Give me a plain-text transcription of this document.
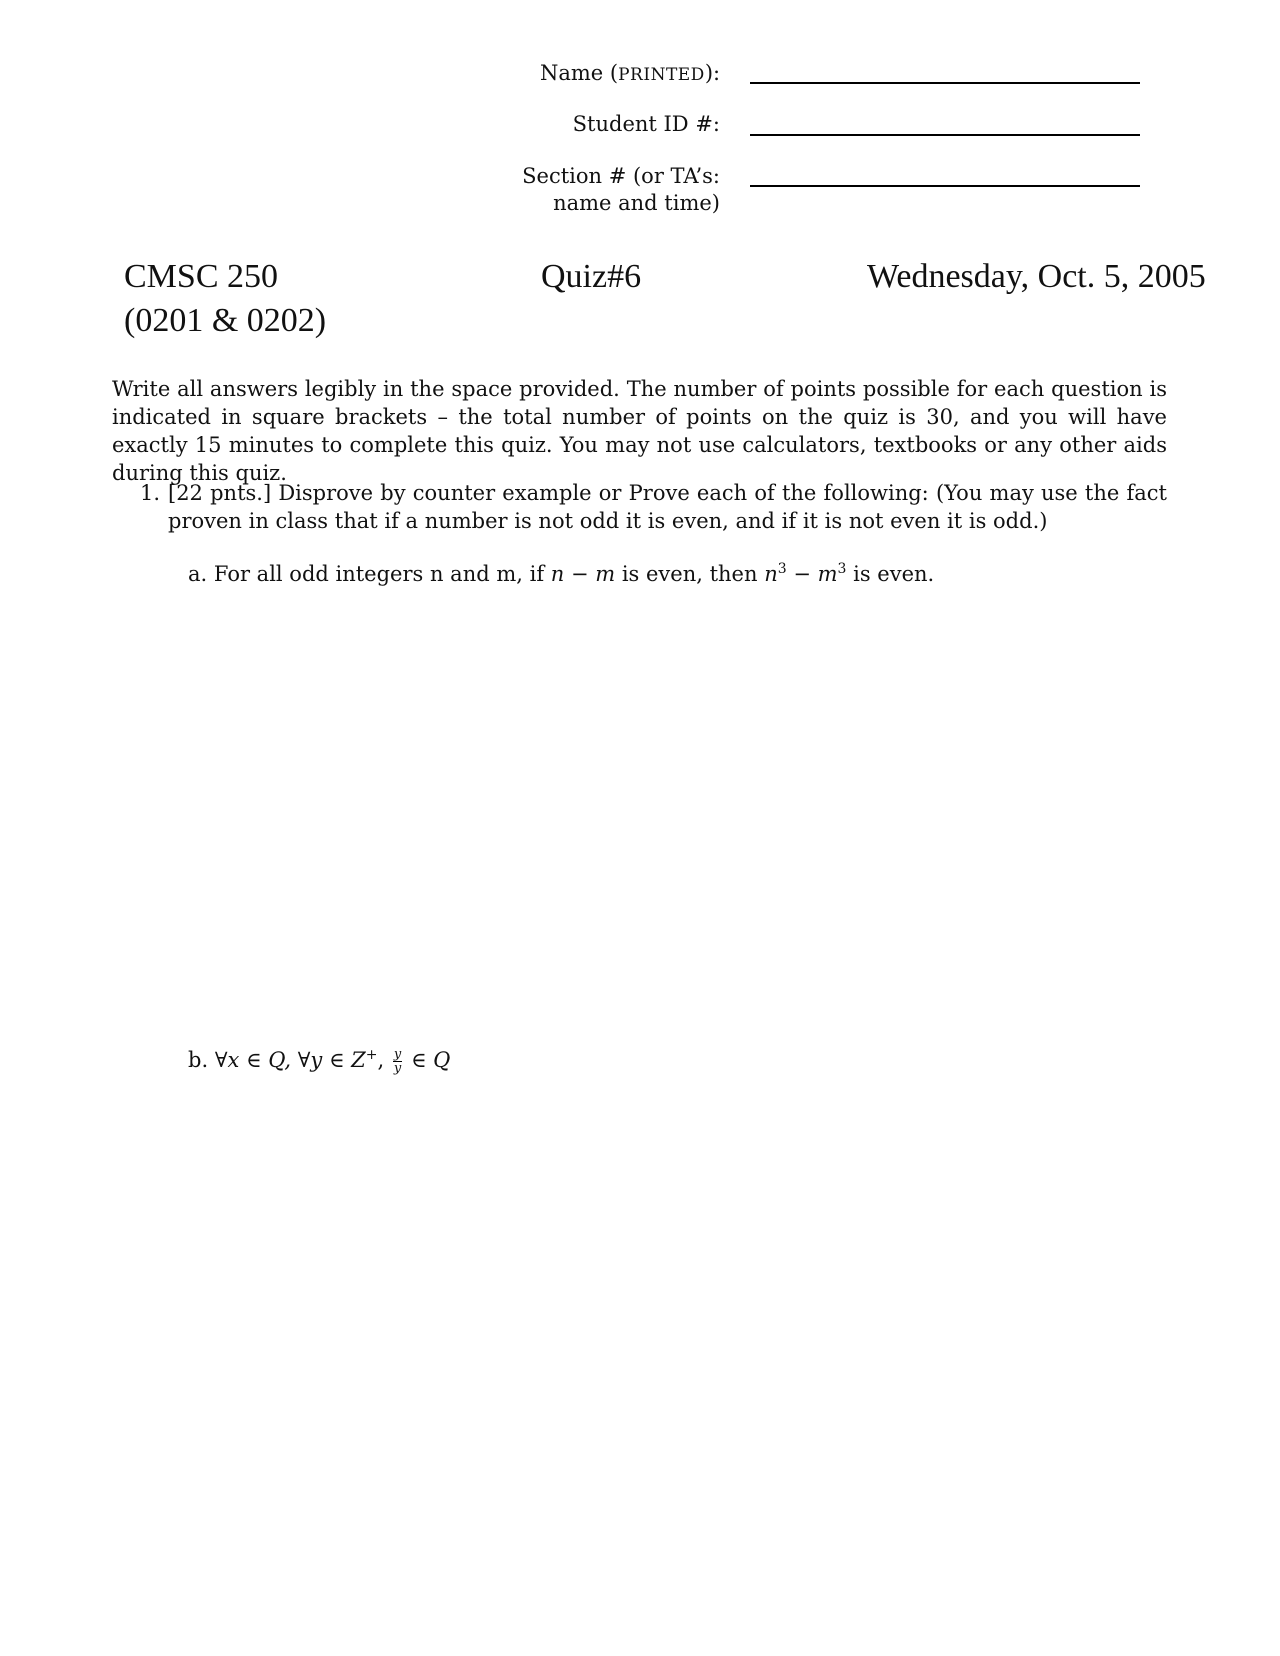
Name (PRINTED):
Student ID #:
Section # (or TA’s:
name and time)
CMSC 250
(0201 & 0202)
Quiz#6	Wednesday, Oct. 5, 2005
Write all answers legibly in the space provided. The number of points possible for each question is indicated in square brackets – the total number of points on the quiz is 30, and you will have exactly 15 minutes to complete this quiz. You may not use calculators, textbooks or any other aids during this quiz.
1. [22 pnts.] Disprove by counter example or Prove each of the following: (You may use the fact proven in class that if a number is not odd it is even, and if it is not even it is odd.)
a. For all odd integers n and m, if n − m is even, then $n^3 - m^3$ is even.
b. ∀x ∈ Q, ∀y ∈ Z+, $\frac{y}{y}$ ∈ Q
